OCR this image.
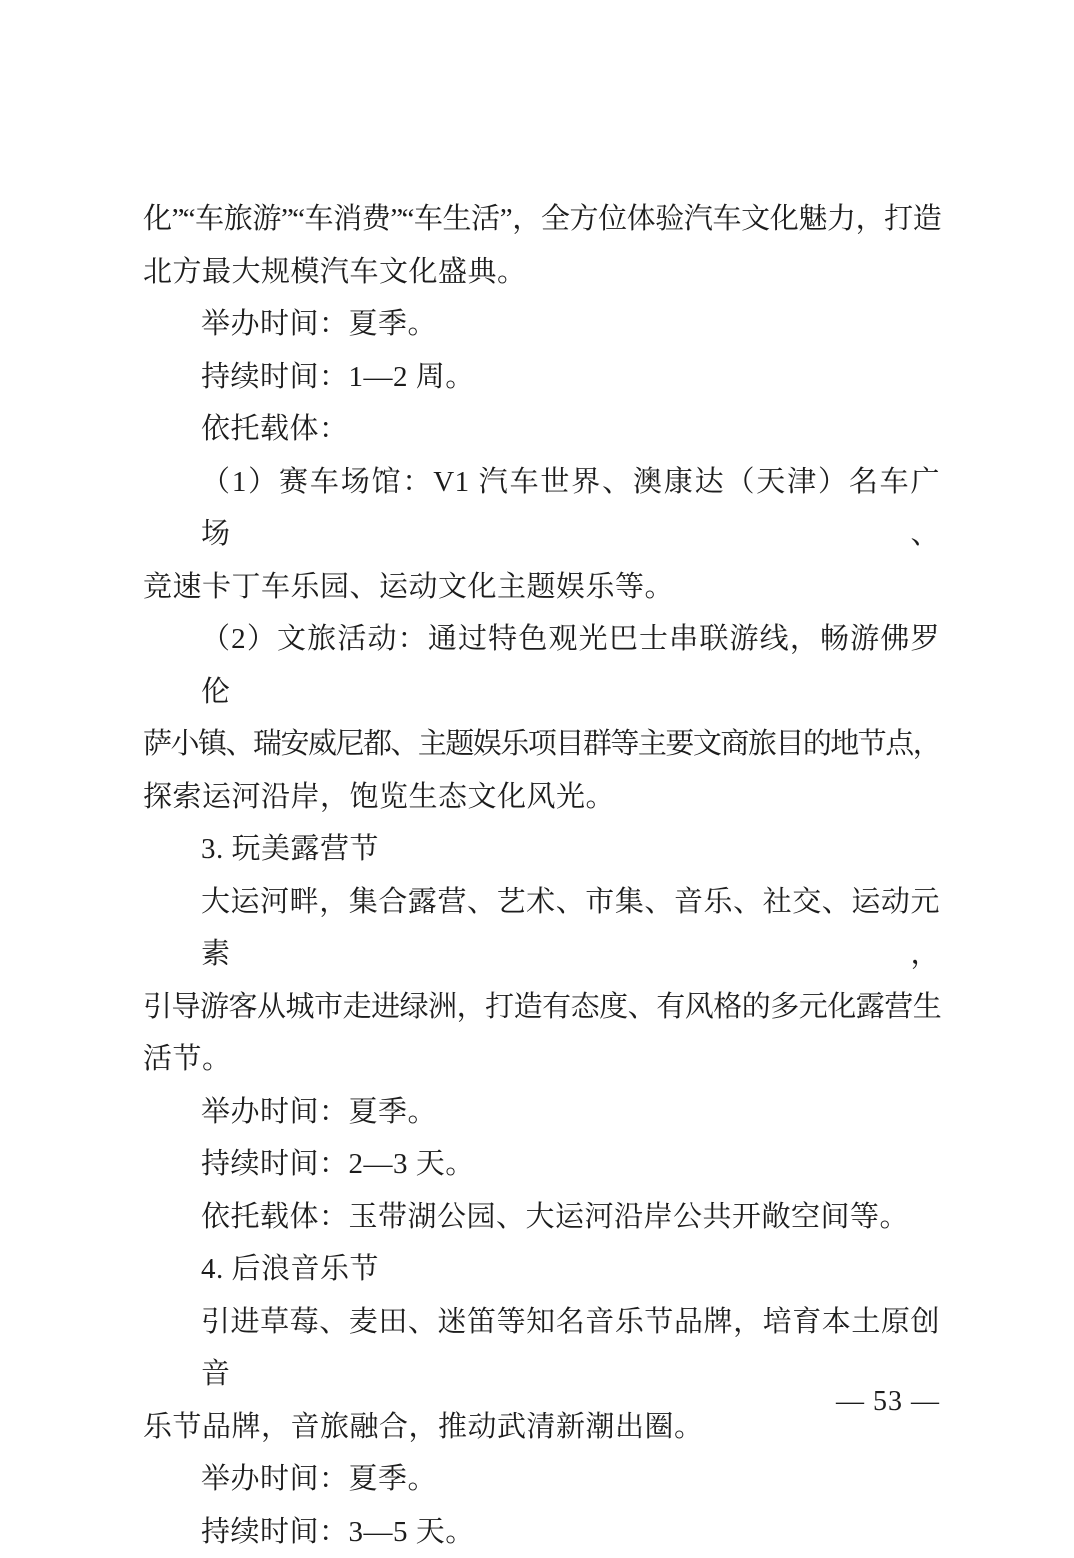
化”“车旅游”“车消费”“车生活”，全方位体验汽车文化魅力，打造
北方最大规模汽车文化盛典。
举办时间：夏季。
持续时间：1—2 周。
依托载体：
（1）赛车场馆：V1 汽车世界、澳康达（天津）名车广场、
竞速卡丁车乐园、运动文化主题娱乐等。
（2）文旅活动：通过特色观光巴士串联游线，畅游佛罗伦
萨小镇、瑞安威尼都、主题娱乐项目群等主要文商旅目的地节点，
探索运河沿岸，饱览生态文化风光。
3. 玩美露营节
大运河畔，集合露营、艺术、市集、音乐、社交、运动元素，
引导游客从城市走进绿洲，打造有态度、有风格的多元化露营生
活节。
举办时间：夏季。
持续时间：2—3 天。
依托载体：玉带湖公园、大运河沿岸公共开敞空间等。
4. 后浪音乐节
引进草莓、麦田、迷笛等知名音乐节品牌，培育本土原创音
乐节品牌，音旅融合，推动武清新潮出圈。
举办时间：夏季。
持续时间：3—5 天。
— 53 —
